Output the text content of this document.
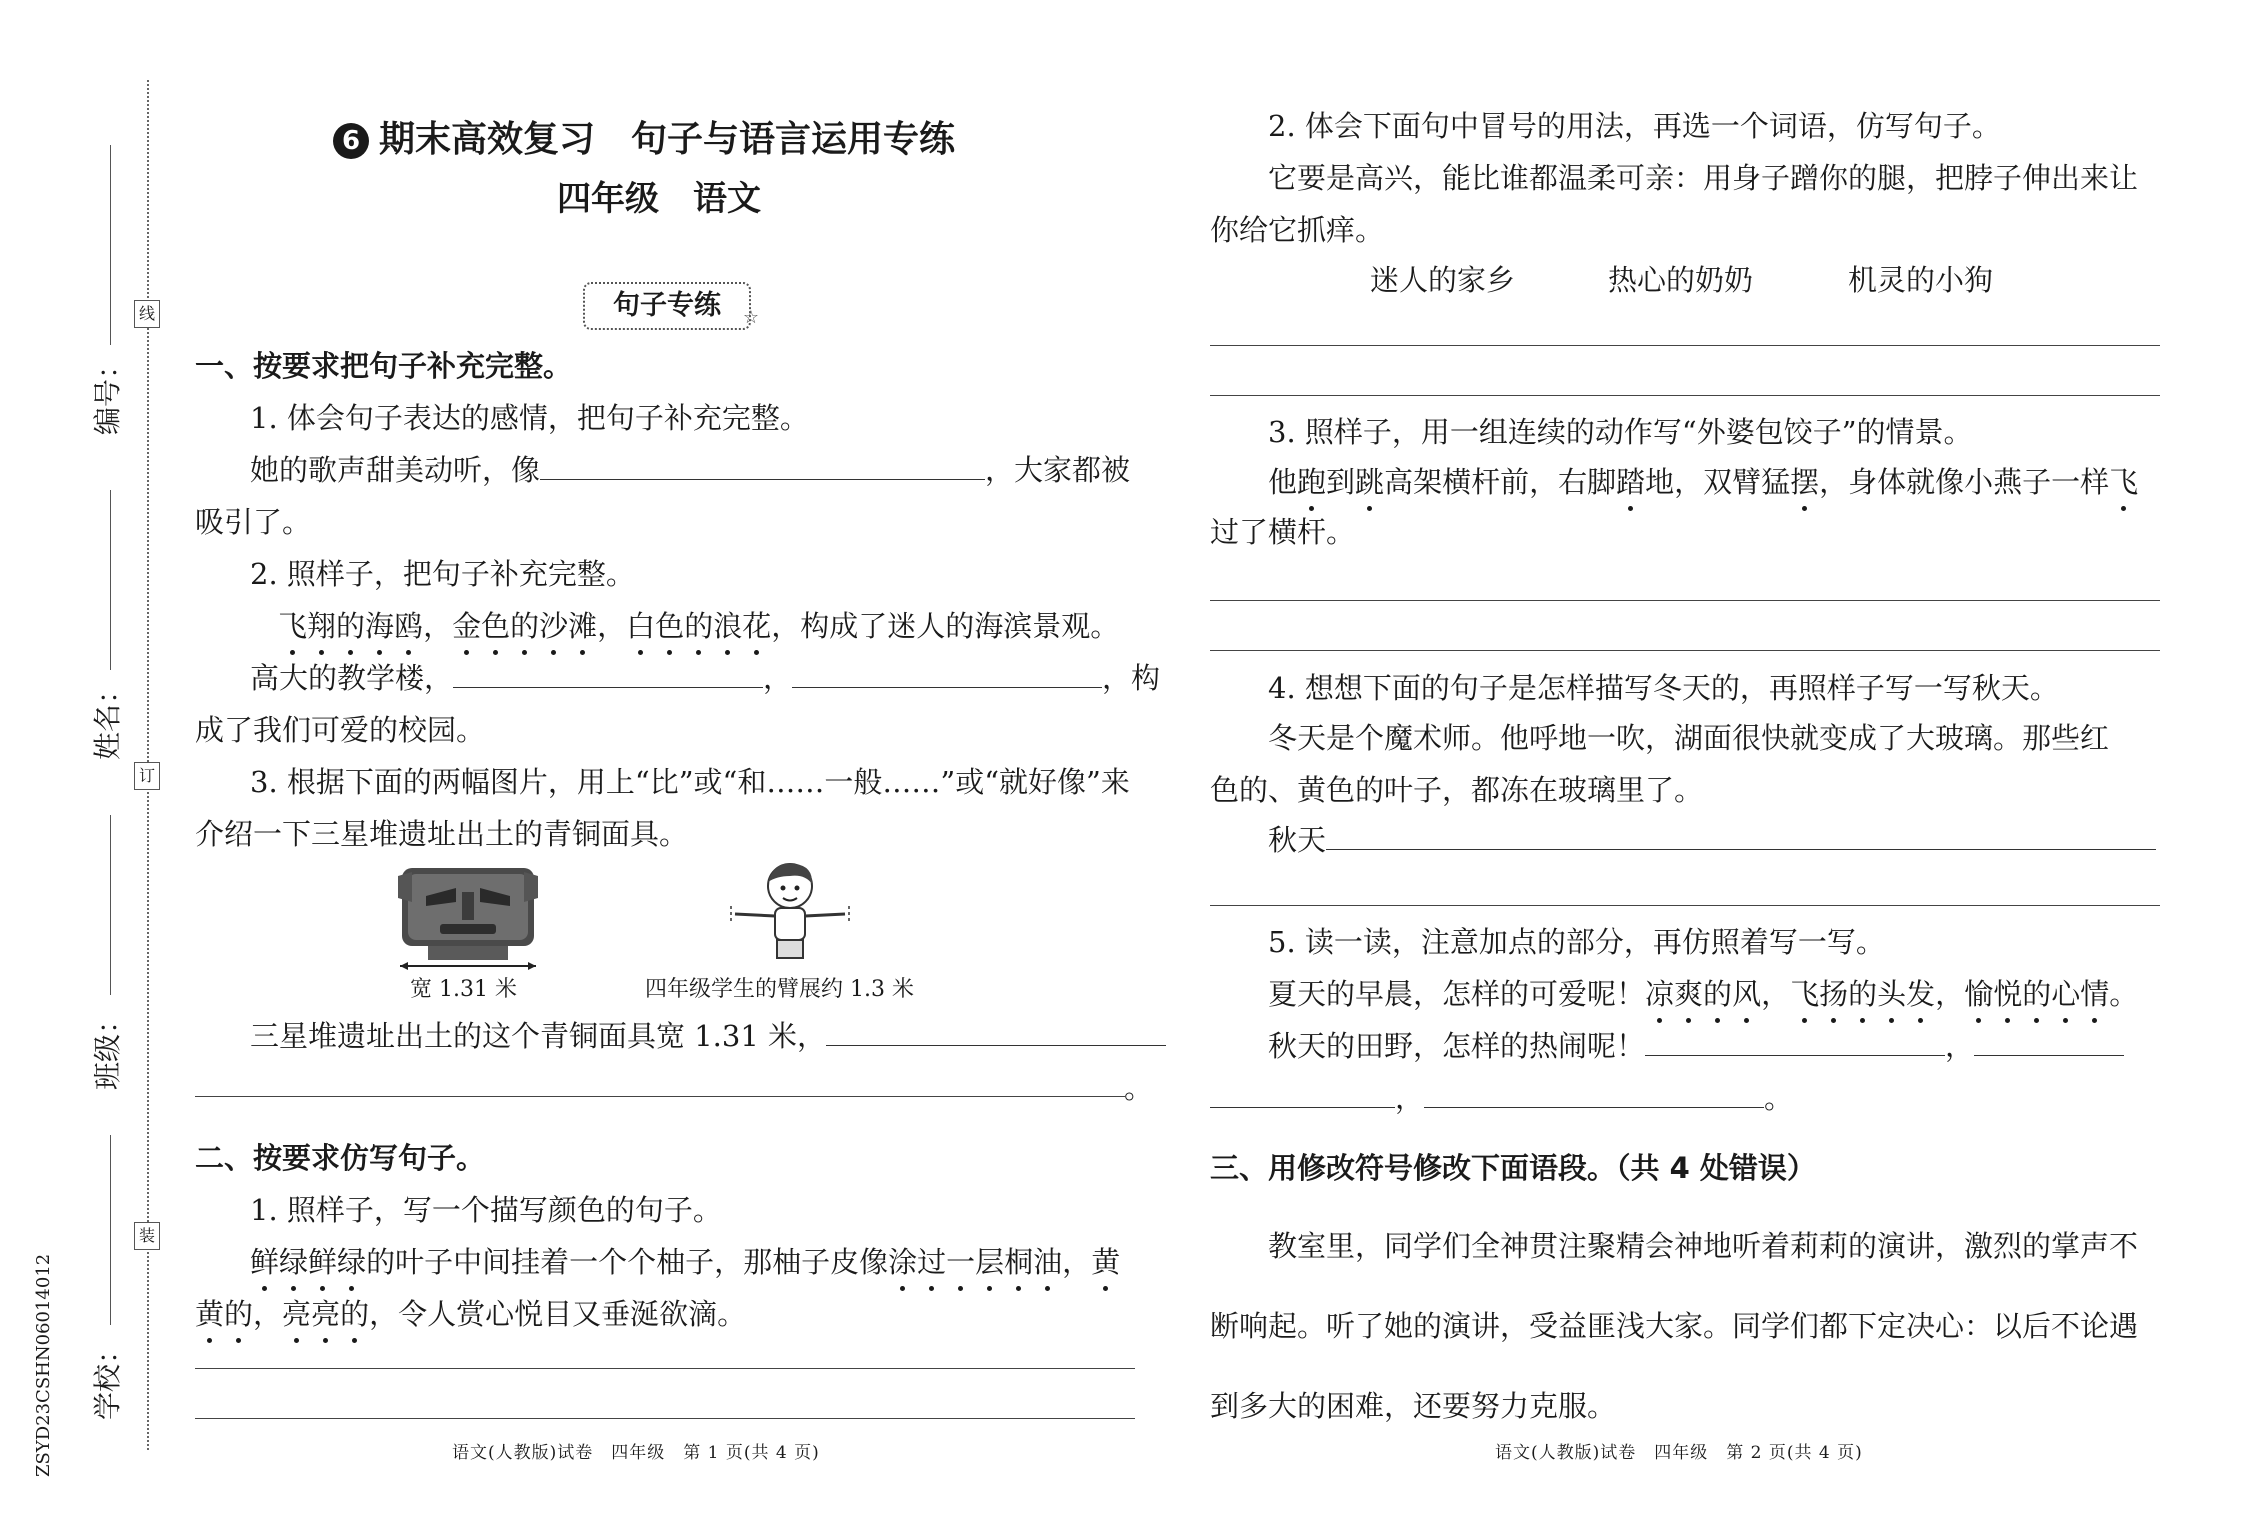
线
订
装
学校：
班级：
姓名：
编号：
ZSYD23CSHN06014012
6 期末高效复习　句子与语言运用专练
四年级　语文
句子专练 ☆
一、按要求把句子补充完整。
1. 体会句子表达的感情，把句子补充完整。
她的歌声甜美动听，像	，大家都被
吸引了。
2. 照样子，把句子补充完整。
飞翔的海鸥，金色的沙滩，白色的浪花，构成了迷人的海滨景观。
高大的教学楼，	，	，构
成了我们可爱的校园。
3. 根据下面的两幅图片，用上“比”或“和……一般……”或“就好像”来
介绍一下三星堆遗址出土的青铜面具。
宽 1.31 米	四年级学生的臂展约 1.3 米
三星堆遗址出土的这个青铜面具宽 1.31 米，
。
二、按要求仿写句子。
1. 照样子，写一个描写颜色的句子。
鲜绿鲜绿的叶子中间挂着一个个柚子，那柚子皮像涂过一层桐油，黄
黄的，亮亮的，令人赏心悦目又垂涎欲滴。
语文(人教版)试卷　四年级　第 1 页(共 4 页)
2. 体会下面句中冒号的用法，再选一个词语，仿写句子。
它要是高兴，能比谁都温柔可亲：用身子蹭你的腿，把脖子伸出来让
你给它抓痒。
迷人的家乡	热心的奶奶	机灵的小狗
3. 照样子，用一组连续的动作写“外婆包饺子”的情景。
他跑到跳高架横杆前，右脚踏地，双臂猛摆，身体就像小燕子一样飞
过了横杆。
4. 想想下面的句子是怎样描写冬天的，再照样子写一写秋天。
冬天是个魔术师。他呼地一吹，湖面很快就变成了大玻璃。那些红
色的、黄色的叶子，都冻在玻璃里了。
秋天
5. 读一读，注意加点的部分，再仿照着写一写。
夏天的早晨，怎样的可爱呢！凉爽的风，飞扬的头发，愉悦的心情。
秋天的田野，怎样的热闹呢！	，
，	。
三、用修改符号修改下面语段。（共 4 处错误）
教室里，同学们全神贯注聚精会神地听着莉莉的演讲，激烈的掌声不
断响起。听了她的演讲，受益匪浅大家。同学们都下定决心：以后不论遇
到多大的困难，还要努力克服。
语文(人教版)试卷　四年级　第 2 页(共 4 页)
